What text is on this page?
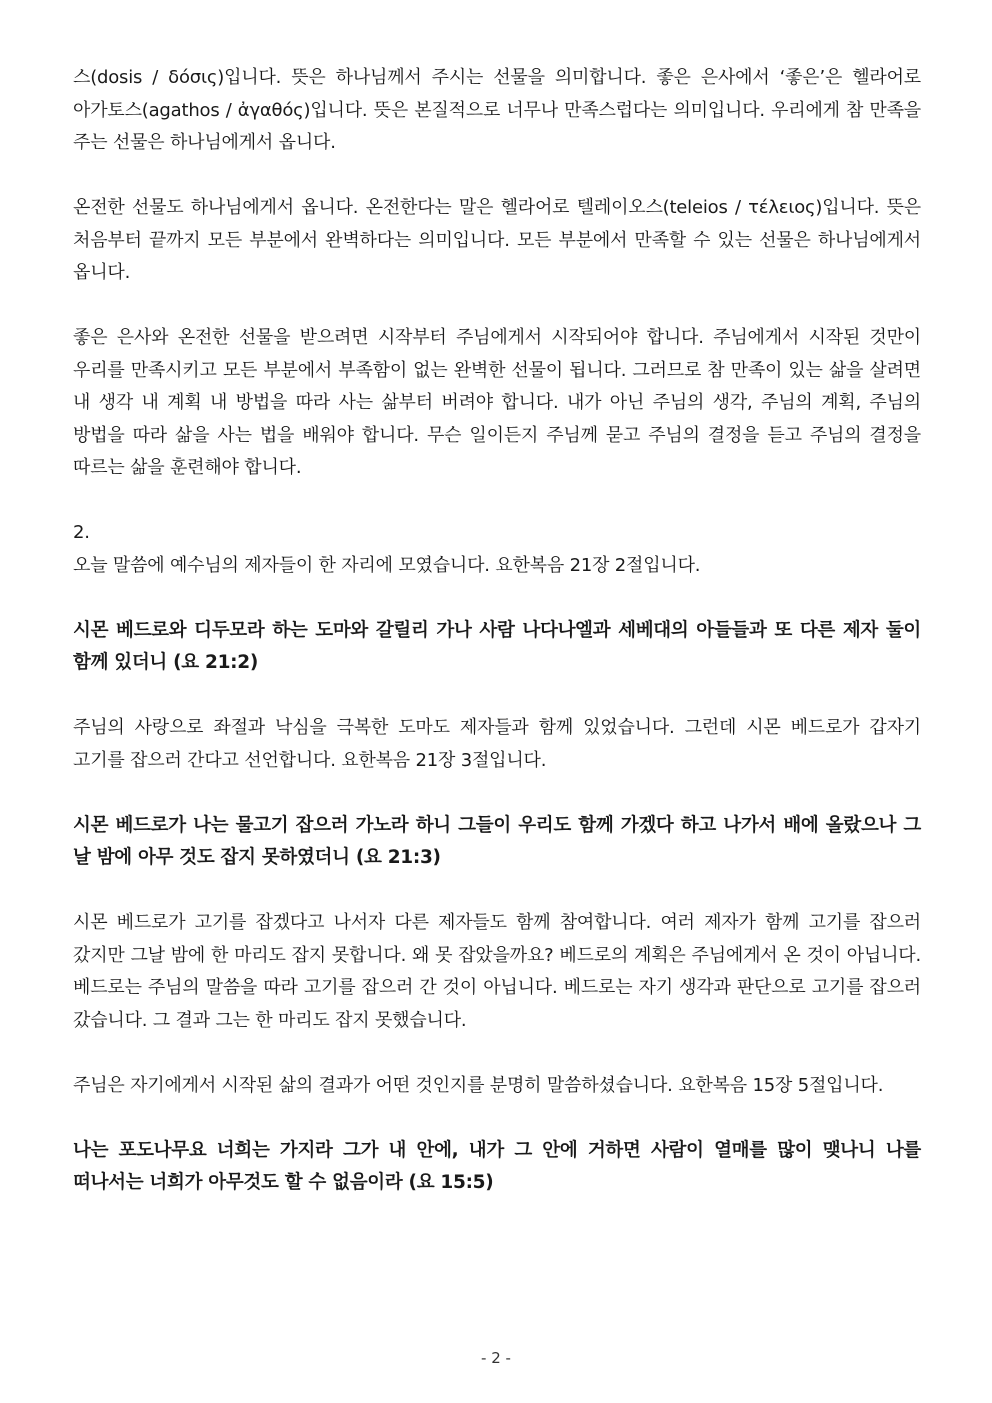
스(dosis / δόσις)입니다. 뜻은 하나님께서 주시는 선물을 의미합니다. 좋은 은사에서 ‘좋은’은 헬라어로 아가토스(agathos / ἀγαθός)입니다. 뜻은 본질적으로 너무나 만족스럽다는 의미입니다. 우리에게 참 만족을 주는 선물은 하나님에게서 옵니다.

온전한 선물도 하나님에게서 옵니다. 온전한다는 말은 헬라어로 텔레이오스(teleios / τέλειος)입니다. 뜻은 처음부터 끝까지 모든 부분에서 완벽하다는 의미입니다. 모든 부분에서 만족할 수 있는 선물은 하나님에게서 옵니다.

좋은 은사와 온전한 선물을 받으려면 시작부터 주님에게서 시작되어야 합니다. 주님에게서 시작된 것만이 우리를 만족시키고 모든 부분에서 부족함이 없는 완벽한 선물이 됩니다. 그러므로 참 만족이 있는 삶을 살려면 내 생각 내 계획 내 방법을 따라 사는 삶부터 버려야 합니다. 내가 아닌 주님의 생각, 주님의 계획, 주님의 방법을 따라 삶을 사는 법을 배워야 합니다. 무슨 일이든지 주님께 묻고 주님의 결정을 듣고 주님의 결정을 따르는 삶을 훈련해야 합니다.

2.

오늘 말씀에 예수님의 제자들이 한 자리에 모였습니다. 요한복음 21장 2절입니다.

시몬 베드로와 디두모라 하는 도마와 갈릴리 가나 사람 나다나엘과 세베대의 아들들과 또 다른 제자 둘이 함께 있더니 (요 21:2)

주님의 사랑으로 좌절과 낙심을 극복한 도마도 제자들과 함께 있었습니다. 그런데 시몬 베드로가 갑자기 고기를 잡으러 간다고 선언합니다. 요한복음 21장 3절입니다.

시몬 베드로가 나는 물고기 잡으러 가노라 하니 그들이 우리도 함께 가겠다 하고 나가서 배에 올랐으나 그 날 밤에 아무 것도 잡지 못하였더니 (요 21:3)

시몬 베드로가 고기를 잡겠다고 나서자 다른 제자들도 함께 참여합니다. 여러 제자가 함께 고기를 잡으러 갔지만 그날 밤에 한 마리도 잡지 못합니다. 왜 못 잡았을까요? 베드로의 계획은 주님에게서 온 것이 아닙니다. 베드로는 주님의 말씀을 따라 고기를 잡으러 간 것이 아닙니다. 베드로는 자기 생각과 판단으로 고기를 잡으러 갔습니다. 그 결과 그는 한 마리도 잡지 못했습니다.

주님은 자기에게서 시작된 삶의 결과가 어떤 것인지를 분명히 말씀하셨습니다. 요한복음 15장 5절입니다.

나는 포도나무요 너희는 가지라 그가 내 안에, 내가 그 안에 거하면 사람이 열매를 많이 맺나니 나를 떠나서는 너희가 아무것도 할 수 없음이라 (요 15:5)

- 2 -
